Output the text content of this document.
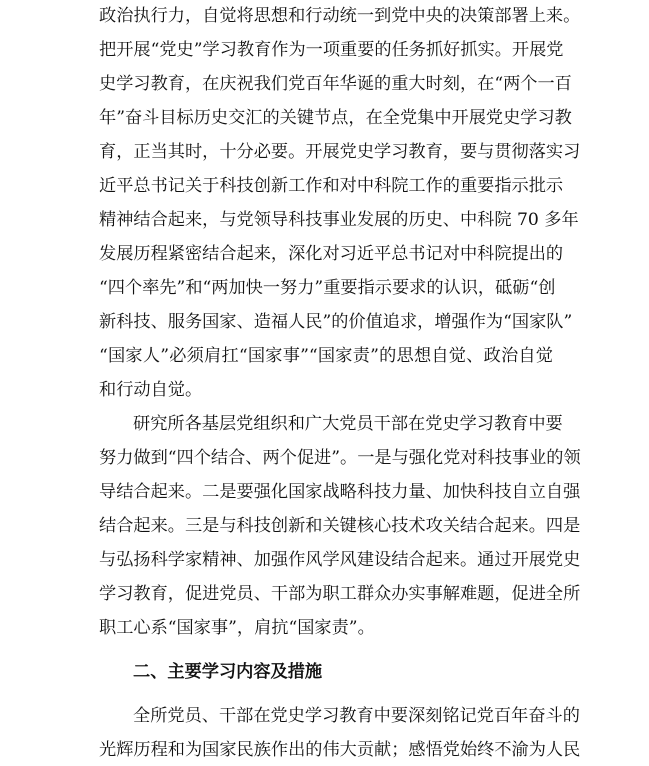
政治执行力，自觉将思想和行动统一到党中央的决策部署上来。
把开展“党史”学习教育作为一项重要的任务抓好抓实。开展党
史学习教育，在庆祝我们党百年华诞的重大时刻，在“两个一百
年”奋斗目标历史交汇的关键节点，在全党集中开展党史学习教
育，正当其时，十分必要。开展党史学习教育，要与贯彻落实习
近平总书记关于科技创新工作和对中科院工作的重要指示批示
精神结合起来，与党领导科技事业发展的历史、中科院 70 多年
发展历程紧密结合起来，深化对习近平总书记对中科院提出的
“四个率先”和“两加快一努力”重要指示要求的认识，砥砺“创
新科技、服务国家、造福人民”的价值追求，增强作为“国家队”
“国家人”必须肩扛“国家事”“国家责”的思想自觉、政治自觉
和行动自觉。
研究所各基层党组织和广大党员干部在党史学习教育中要
努力做到“四个结合、两个促进”。一是与强化党对科技事业的领
导结合起来。二是要强化国家战略科技力量、加快科技自立自强
结合起来。三是与科技创新和关键核心技术攻关结合起来。四是
与弘扬科学家精神、加强作风学风建设结合起来。通过开展党史
学习教育，促进党员、干部为职工群众办实事解难题，促进全所
职工心系“国家事”，肩抗“国家责”。
二、主要学习内容及措施
全所党员、干部在党史学习教育中要深刻铭记党百年奋斗的
光辉历程和为国家民族作出的伟大贡献；感悟党始终不渝为人民
